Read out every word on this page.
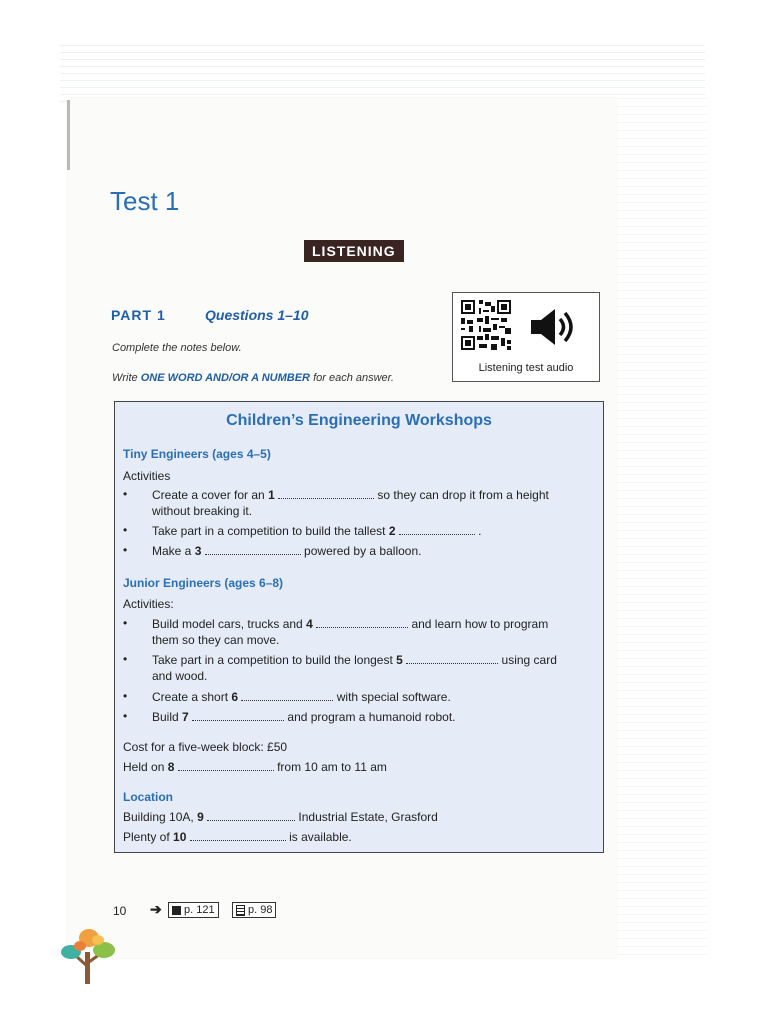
Test 1
LISTENING
PART 1	Questions 1–10
Complete the notes below.
Write ONE WORD AND/OR A NUMBER for each answer.
Listening test audio
Children’s Engineering Workshops
Tiny Engineers (ages 4–5)
Activities
• Create a cover for an 1	so they can drop it from a height
without breaking it.
• Take part in a competition to build the tallest 2	.
• Make a 3	powered by a balloon.
Junior Engineers (ages 6–8)
Activities:
• Build model cars, trucks and 4	and learn how to program
them so they can move.
• Take part in a competition to build the longest 5	using card
and wood.
• Create a short 6	with special software.
• Build 7	and program a humanoid robot.
Cost for a five-week block: £50
Held on 8	from 10 am to 11 am
Location
Building 10A, 9	Industrial Estate, Grasford
Plenty of 10	is available.
10 ➔	p. 121	p. 98
